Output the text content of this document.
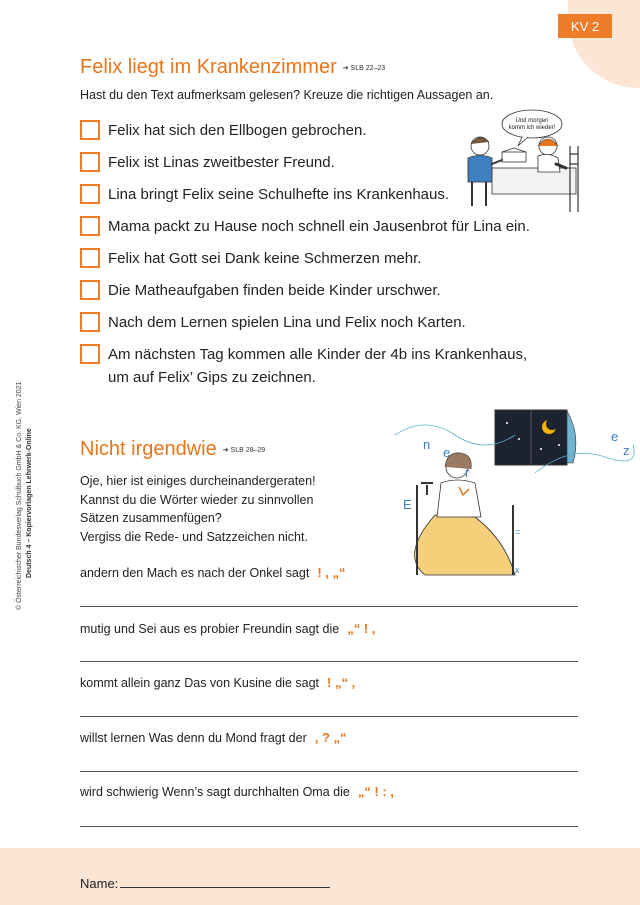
KV 2
© Österreichischer Bundesverlag Schulbuch GmbH & Co. KG, Wien 2021 Deutsch 4 – Kopiervorlagen Lehrwerk-Online
Felix liegt im Krankenzimmer ➔ SLB 22–23
Hast du den Text aufmerksam gelesen? Kreuze die richtigen Aussagen an.
Felix hat sich den Ellbogen gebrochen.
Felix ist Linas zweitbester Freund.
Lina bringt Felix seine Schulhefte ins Krankenhaus.
Mama packt zu Hause noch schnell ein Jausenbrot für Lina ein.
Felix hat Gott sei Dank keine Schmerzen mehr.
Die Matheaufgaben finden beide Kinder urschwer.
Nach dem Lernen spielen Lina und Felix noch Karten.
Am nächsten Tag kommen alle Kinder der 4b ins Krankenhaus,
um auf Felix’ Gips zu zeichnen.
Und morgen
komm ich wieder!
Nicht irgendwie ➔ SLB 28–29
Oje, hier ist einiges durcheinandergeraten!
Kannst du die Wörter wieder zu sinnvollen
Sätzen zusammenfügen?
Vergiss die Rede- und Satzzeichen nicht.
n
e
r
E
e
z
x
=
andern den Mach es nach der Onkel sagt ! , „“
mutig und Sei aus es probier Freundin sagt die „“ ! ,
kommt allein ganz Das von Kusine die sagt ! „“ ,
willst lernen Was denn du Mond fragt der , ? „“
wird schwierig Wenn’s sagt durchhalten Oma die „“ ! : ,
Name:
